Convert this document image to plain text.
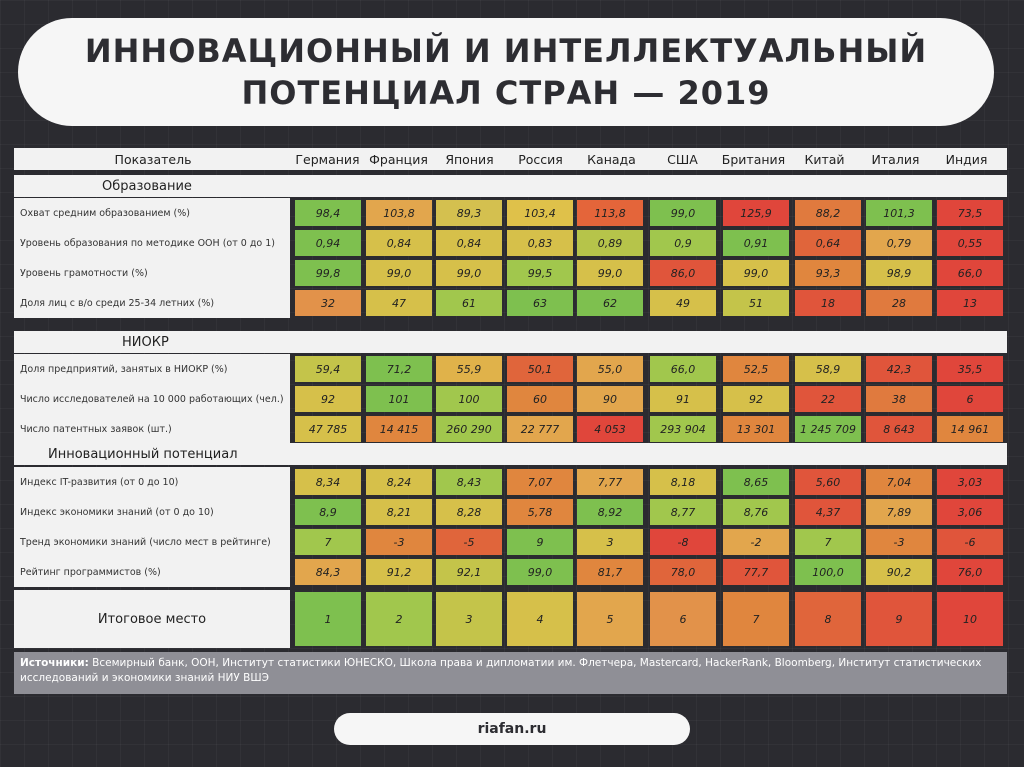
ИННОВАЦИОННЫЙ И ИНТЕЛЛЕКТУАЛЬНЫЙ
ПОТЕНЦИАЛ СТРАН — 2019
Показатель	Германия Франция	Япония	Россия	Канада	США	Британия	Китай	Италия	Индия
Образование
Охват средним образованием (%)	98,4	103,8	89,3	103,4	113,8	99,0	125,9	88,2	101,3	73,5
Уровень образования по методике ООН (от 0 до 1)	0,94	0,84	0,84	0,83	0,89	0,9	0,91	0,64	0,79	0,55
Уровень грамотности (%)	99,8	99,0	99,0	99,5	99,0	86,0	99,0	93,3	98,9	66,0
Доля лиц с в/о среди 25-34 летних (%)	32	47	61	63	62	49	51	18	28	13
НИОКР
Доля предприятий, занятых в НИОКР (%)	59,4	71,2	55,9	50,1	55,0	66,0	52,5	58,9	42,3	35,5
Число исследователей на 10 000 работающих (чел.)	92	101	100	60	90	91	92	22	38	6
Число патентных заявок (шт.)	47 785	14 415	260 290	22 777	4 053	293 904	13 301	1 245 709	8 643	14 961
Инновационный потенциал
Индекс IT-развития (от 0 до 10)	8,34	8,24	8,43	7,07	7,77	8,18	8,65	5,60	7,04	3,03
Индекс экономики знаний (от 0 до 10)	8,9	8,21	8,28	5,78	8,92	8,77	8,76	4,37	7,89	3,06
Тренд экономики знаний (число мест в рейтинге)	7	-3	-5	9	3	-8	-2	7	-3	-6
Рейтинг программистов (%)	84,3	91,2	92,1	99,0	81,7	78,0	77,7	100,0	90,2	76,0
Итоговое место	1	2	3	4	5	6	7	8	9	10
Источники: Всемирный банк, ООН, Институт статистики ЮНЕСКО, Школа права и дипломатии им. Флетчера, Mastercard, HackerRank, Bloomberg, Институт статистических исследований и экономики знаний НИУ ВШЭ
riafan.ru
